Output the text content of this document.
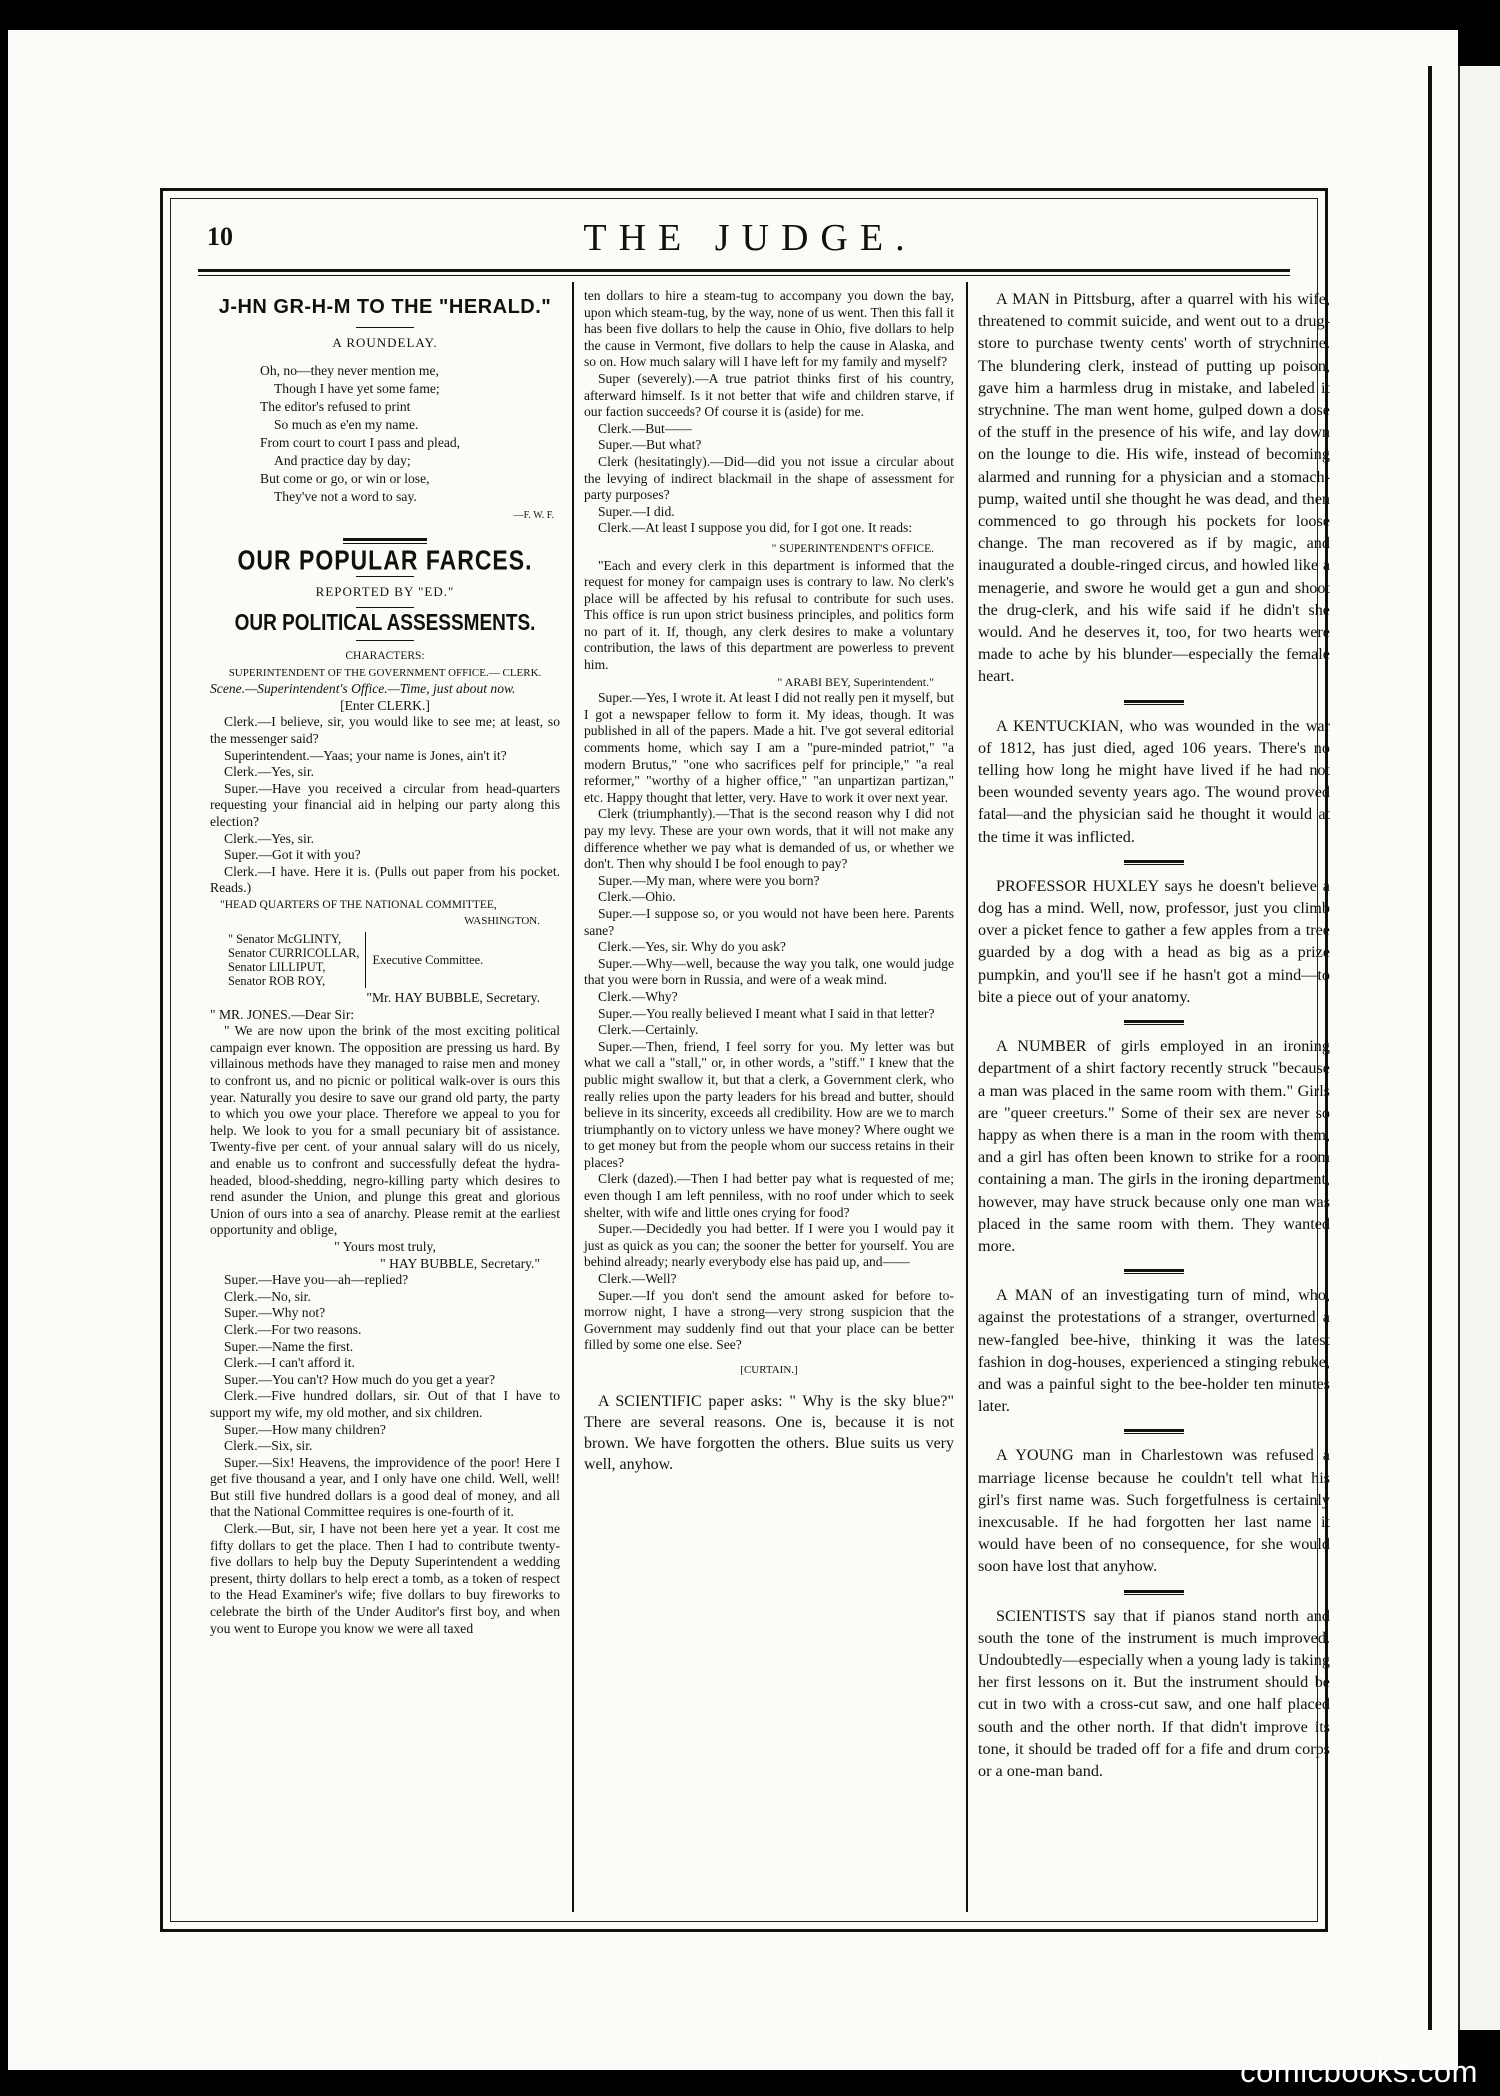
10	THE JUDGE.
J-HN GR-H-M TO THE "HERALD."
A ROUNDELAY.
Oh, no—they never mention me,
Though I have yet some fame;
The editor's refused to print
So much as e'en my name.
From court to court I pass and plead,
And practice day by day;
But come or go, or win or lose,
They've not a word to say.
—F. W. F.
OUR POPULAR FARCES.
REPORTED BY "ED."
OUR POLITICAL ASSESSMENTS.
CHARACTERS:
SUPERINTENDENT OF THE GOVERNMENT OFFICE.— CLERK.
Scene.—Superintendent's Office.—Time, just about now.
[Enter CLERK.]
Clerk.—I believe, sir, you would like to see me; at least, so the messenger said?
Superintendent.—Yaas; your name is Jones, ain't it?
Clerk.—Yes, sir.
Super.—Have you received a circular from head-quarters requesting your financial aid in helping our party along this election?
Clerk.—Yes, sir.
Super.—Got it with you?
Clerk.—I have. Here it is. (Pulls out paper from his pocket. Reads.)
"HEAD QUARTERS OF THE NATIONAL COMMITTEE,
WASHINGTON.
" Senator McGLINTY,
Senator CURRICOLLAR,
Senator LILLIPUT,
Senator ROB ROY,
Executive Committee.
"Mr. HAY BUBBLE, Secretary.
" MR. JONES.—Dear Sir:
" We are now upon the brink of the most exciting political campaign ever known. The opposition are pressing us hard. By villainous methods have they managed to raise men and money to confront us, and no picnic or political walk-over is ours this year. Naturally you desire to save our grand old party, the party to which you owe your place. Therefore we appeal to you for help. We look to you for a small pecuniary bit of assistance. Twenty-five per cent. of your annual salary will do us nicely, and enable us to confront and successfully defeat the hydra-headed, blood-shedding, negro-killing party which desires to rend asunder the Union, and plunge this great and glorious Union of ours into a sea of anarchy. Please remit at the earliest opportunity and oblige,
" Yours most truly,
" HAY BUBBLE, Secretary."
Super.—Have you—ah—replied?
Clerk.—No, sir.
Super.—Why not?
Clerk.—For two reasons.
Super.—Name the first.
Clerk.—I can't afford it.
Super.—You can't? How much do you get a year?
Clerk.—Five hundred dollars, sir. Out of that I have to support my wife, my old mother, and six children.
Super.—How many children?
Clerk.—Six, sir.
Super.—Six! Heavens, the improvidence of the poor! Here I get five thousand a year, and I only have one child. Well, well! But still five hundred dollars is a good deal of money, and all that the National Committee requires is one-fourth of it.
Clerk.—But, sir, I have not been here yet a year. It cost me fifty dollars to get the place. Then I had to contribute twenty-five dollars to help buy the Deputy Superintendent a wedding present, thirty dollars to help erect a tomb, as a token of respect to the Head Examiner's wife; five dollars to buy fireworks to celebrate the birth of the Under Auditor's first boy, and when you went to Europe you know we were all taxed
ten dollars to hire a steam-tug to accompany you down the bay, upon which steam-tug, by the way, none of us went. Then this fall it has been five dollars to help the cause in Ohio, five dollars to help the cause in Vermont, five dollars to help the cause in Alaska, and so on. How much salary will I have left for my family and myself?
Super (severely).—A true patriot thinks first of his country, afterward himself. Is it not better that wife and children starve, if our faction succeeds? Of course it is (aside) for me.
Clerk.—But——
Super.—But what?
Clerk (hesitatingly).—Did—did you not issue a circular about the levying of indirect blackmail in the shape of assessment for party purposes?
Super.—I did.
Clerk.—At least I suppose you did, for I got one. It reads:
" SUPERINTENDENT'S OFFICE.
"Each and every clerk in this department is informed that the request for money for campaign uses is contrary to law. No clerk's place will be affected by his refusal to contribute for such uses. This office is run upon strict business principles, and politics form no part of it. If, though, any clerk desires to make a voluntary contribution, the laws of this department are powerless to prevent him.
" ARABI BEY, Superintendent."
Super.—Yes, I wrote it. At least I did not really pen it myself, but I got a newspaper fellow to form it. My ideas, though. It was published in all of the papers. Made a hit. I've got several editorial comments home, which say I am a "pure-minded patriot," "a modern Brutus," "one who sacrifices pelf for principle," "a real reformer," "worthy of a higher office," "an unpartizan partizan," etc. Happy thought that letter, very. Have to work it over next year.
Clerk (triumphantly).—That is the second reason why I did not pay my levy. These are your own words, that it will not make any difference whether we pay what is demanded of us, or whether we don't. Then why should I be fool enough to pay?
Super.—My man, where were you born?
Clerk.—Ohio.
Super.—I suppose so, or you would not have been here. Parents sane?
Clerk.—Yes, sir. Why do you ask?
Super.—Why—well, because the way you talk, one would judge that you were born in Russia, and were of a weak mind.
Clerk.—Why?
Super.—You really believed I meant what I said in that letter?
Clerk.—Certainly.
Super.—Then, friend, I feel sorry for you. My letter was but what we call a "stall," or, in other words, a "stiff." I knew that the public might swallow it, but that a clerk, a Government clerk, who really relies upon the party leaders for his bread and butter, should believe in its sincerity, exceeds all credibility. How are we to march triumphantly on to victory unless we have money? Where ought we to get money but from the people whom our success retains in their places?
Clerk (dazed).—Then I had better pay what is requested of me; even though I am left penniless, with no roof under which to seek shelter, with wife and little ones crying for food?
Super.—Decidedly you had better. If I were you I would pay it just as quick as you can; the sooner the better for yourself. You are behind already; nearly everybody else has paid up, and——
Clerk.—Well?
Super.—If you don't send the amount asked for before to-morrow night, I have a strong—very strong suspicion that the Government may suddenly find out that your place can be better filled by some one else. See?
[CURTAIN.]
A SCIENTIFIC paper asks: " Why is the sky blue?" There are several reasons. One is, because it is not brown. We have forgotten the others. Blue suits us very well, anyhow.
A MAN in Pittsburg, after a quarrel with his wife, threatened to commit suicide, and went out to a drug-store to purchase twenty cents' worth of strychnine. The blundering clerk, instead of putting up poison, gave him a harmless drug in mistake, and labeled it strychnine. The man went home, gulped down a dose of the stuff in the presence of his wife, and lay down on the lounge to die. His wife, instead of becoming alarmed and running for a physician and a stomach-pump, waited until she thought he was dead, and then commenced to go through his pockets for loose change. The man recovered as if by magic, and inaugurated a double-ringed circus, and howled like a menagerie, and swore he would get a gun and shoot the drug-clerk, and his wife said if he didn't she would. And he deserves it, too, for two hearts were made to ache by his blunder—especially the female heart.
A KENTUCKIAN, who was wounded in the war of 1812, has just died, aged 106 years. There's no telling how long he might have lived if he had not been wounded seventy years ago. The wound proved fatal—and the physician said he thought it would at the time it was inflicted.
PROFESSOR HUXLEY says he doesn't believe a dog has a mind. Well, now, professor, just you climb over a picket fence to gather a few apples from a tree guarded by a dog with a head as big as a prize pumpkin, and you'll see if he hasn't got a mind—to bite a piece out of your anatomy.
A NUMBER of girls employed in an ironing department of a shirt factory recently struck "because a man was placed in the same room with them." Girls are "queer creeturs." Some of their sex are never so happy as when there is a man in the room with them, and a girl has often been known to strike for a room containing a man. The girls in the ironing department, however, may have struck because only one man was placed in the same room with them. They wanted more.
A MAN of an investigating turn of mind, who, against the protestations of a stranger, overturned a new-fangled bee-hive, thinking it was the latest fashion in dog-houses, experienced a stinging rebuke, and was a painful sight to the bee-holder ten minutes later.
A YOUNG man in Charlestown was refused a marriage license because he couldn't tell what his girl's first name was. Such forgetfulness is certainly inexcusable. If he had forgotten her last name it would have been of no consequence, for she would soon have lost that anyhow.
SCIENTISTS say that if pianos stand north and south the tone of the instrument is much improved. Undoubtedly—especially when a young lady is taking her first lessons on it. But the instrument should be cut in two with a cross-cut saw, and one half placed south and the other north. If that didn't improve its tone, it should be traded off for a fife and drum corps or a one-man band.
comicbooks.com
